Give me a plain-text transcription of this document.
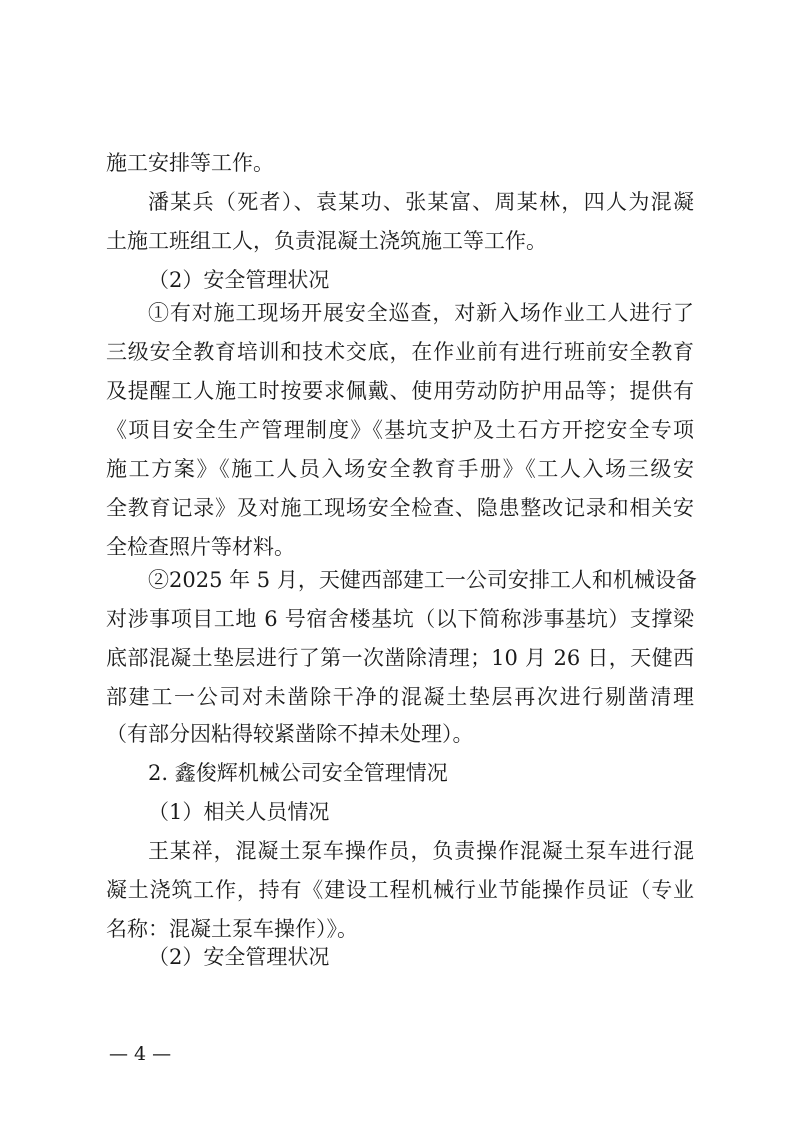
施工安排等工作。
潘某兵（死者）、袁某功、张某富、周某林，四人为混凝
土施工班组工人，负责混凝土浇筑施工等工作。
（2）安全管理状况
①有对施工现场开展安全巡查，对新入场作业工人进行了
三级安全教育培训和技术交底，在作业前有进行班前安全教育
及提醒工人施工时按要求佩戴、使用劳动防护用品等；提供有
《项目安全生产管理制度》《基坑支护及土石方开挖安全专项
施工方案》《施工人员入场安全教育手册》《工人入场三级安
全教育记录》及对施工现场安全检查、隐患整改记录和相关安
全检查照片等材料。
②2025 年 5 月，天健西部建工一公司安排工人和机械设备
对涉事项目工地 6 号宿舍楼基坑（以下简称涉事基坑）支撑梁
底部混凝土垫层进行了第一次凿除清理；10 月 26 日，天健西
部建工一公司对未凿除干净的混凝土垫层再次进行剔凿清理
（有部分因粘得较紧凿除不掉未处理）。
2. 鑫俊辉机械公司安全管理情况
（1）相关人员情况
王某祥，混凝土泵车操作员，负责操作混凝土泵车进行混
凝土浇筑工作，持有《建设工程机械行业节能操作员证（专业
名称：混凝土泵车操作）》。
（2）安全管理状况
— 4 —
